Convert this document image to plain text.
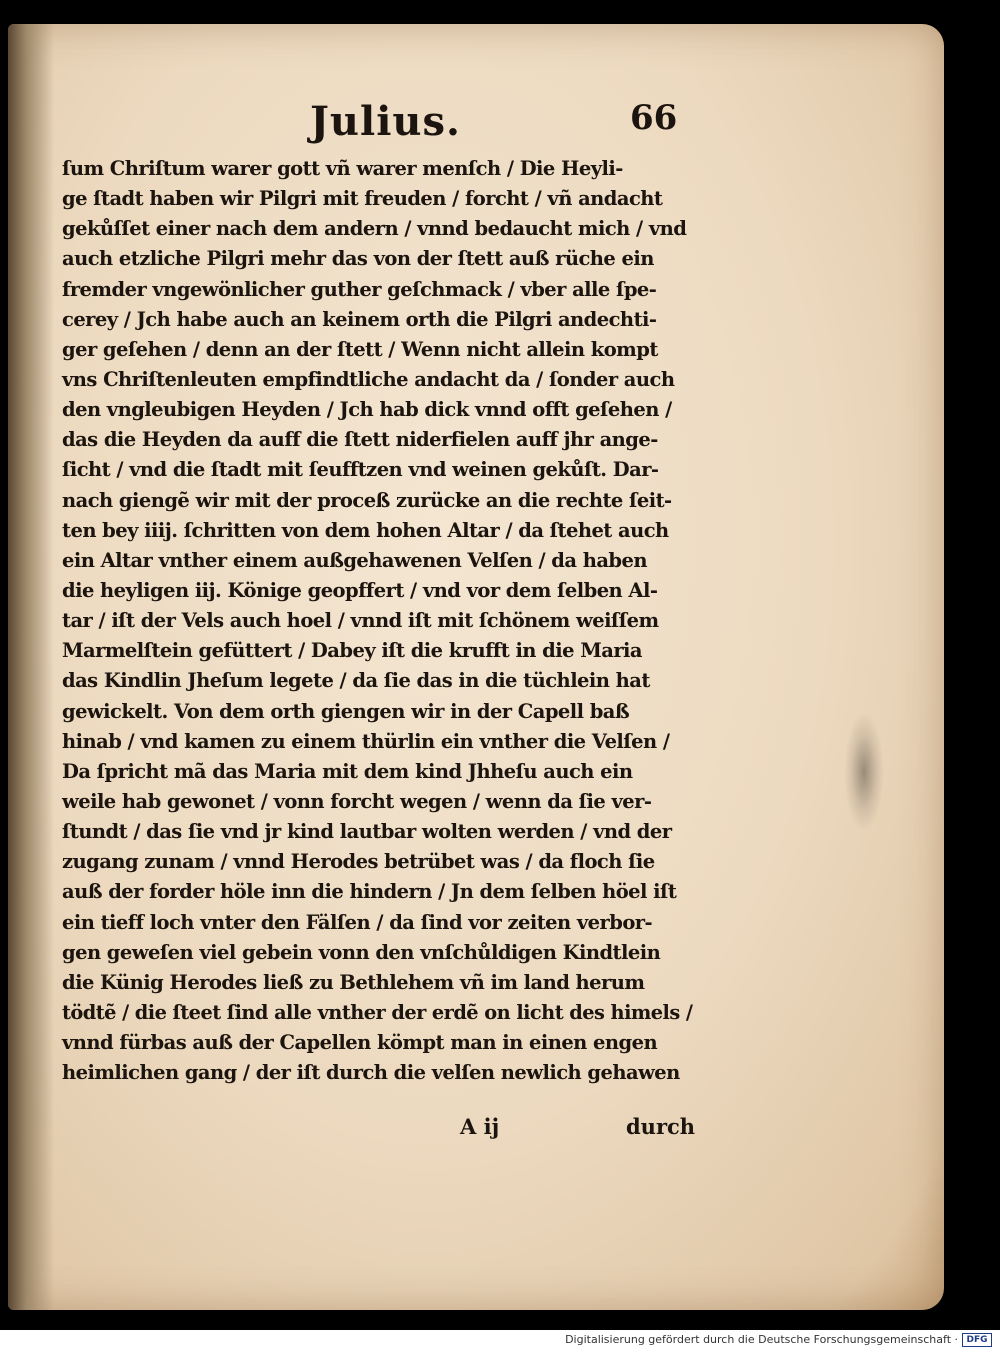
Julius.	66
ſum Chriſtum warer gott vñ warer menſch / Die Heyli-
ge ſtadt haben wir Pilgri mit freuden / forcht / vñ andacht
gekůſſet einer nach dem andern / vnnd bedaucht mich / vnd
auch etzliche Pilgri mehr das von der ſtett auß rüche ein
fremder vngewönlicher guther geſchmack / vber alle ſpe-
cerey / Jch habe auch an keinem orth die Pilgri andechti-
ger geſehen / denn an der ſtett / Wenn nicht allein kompt
vns Chriſtenleuten empfindtliche andacht da / ſonder auch
den vngleubigen Heyden / Jch hab dick vnnd offt geſehen /
das die Heyden da auff die ſtett niderfielen auff jhr ange-
ſicht / vnd die ſtadt mit ſeufftzen vnd weinen gekůſt. Dar-
nach giengẽ wir mit der proceß zurücke an die rechte ſeit-
ten bey iiij. ſchritten von dem hohen Altar / da ſtehet auch
ein Altar vnther einem außgehawenen Velſen / da haben
die heyligen iij. Könige geopffert / vnd vor dem ſelben Al-
tar / iſt der Vels auch hoel / vnnd iſt mit ſchönem weiſſem
Marmelſtein gefüttert / Dabey iſt die krufft in die Maria
das Kindlin Jheſum legete / da ſie das in die tüchlein hat
gewickelt. Von dem orth giengen wir in der Capell baß
hinab / vnd kamen zu einem thürlin ein vnther die Velſen /
Da ſpricht mã das Maria mit dem kind Jhheſu auch ein
weile hab gewonet / vonn forcht wegen / wenn da ſie ver-
ſtundt / das ſie vnd jr kind lautbar wolten werden / vnd der
zugang zunam / vnnd Herodes betrübet was / da floch ſie
auß der forder höle inn die hindern / Jn dem ſelben höel iſt
ein tieff loch vnter den Fälſen / da ſind vor zeiten verbor-
gen geweſen viel gebein vonn den vnſchůldigen Kindtlein
die Künig Herodes ließ zu Bethlehem vñ im land herum
tödtẽ / die ſteet ſind alle vnther der erdẽ on licht des himels /
vnnd fürbas auß der Capellen kömpt man in einen engen
heimlichen gang / der iſt durch die velſen newlich gehawen
A ij	durch
Digitalisierung gefördert durch die Deutsche Forschungsgemeinschaft · DFG
